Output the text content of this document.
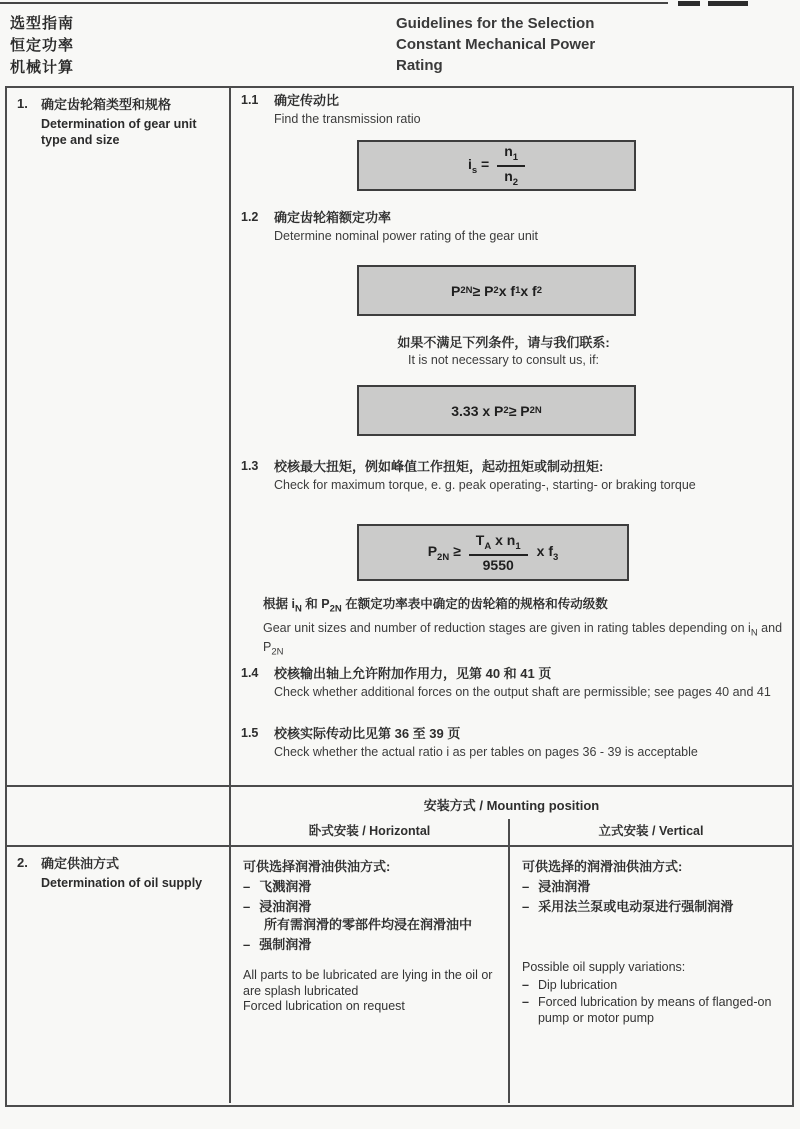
选型指南
恒定功率
机械计算
Guidelines for the Selection
Constant Mechanical Power
Rating
1.	确定齿轮箱类型和规格
Determination of gear unit type and size
1.1	确定传动比
Find the transmission ratio
$i_s = \frac{n_1}{n_2}$
1.2	确定齿轮箱额定功率
Determine nominal power rating of the gear unit
P 2N ≥ P 2 x f 1 x f 2
如果不满足下列条件，请与我们联系:
It is not necessary to consult us, if:
3.33 x P 2 ≥ P 2N
1.3	校核最大扭矩，例如峰值工作扭矩，起动扭矩或制动扭矩:
Check for maximum torque, e. g. peak operating-, starting- or braking torque
$P_{2N} \ge \frac{T_A x n_1}{9550}$ x $f_3$
根据 $i_N$ 和 $P_{2N}$ 在额定功率表中确定的齿轮箱的规格和传动级数
Gear unit sizes and number of reduction stages are given in rating tables depending on $i_N$ and $P_{2N}$
1.4	校核输出轴上允许附加作用力，见第 40 和 41 页
Check whether additional forces on the output shaft are permissible; see pages 40 and 41
1.5	校核实际传动比见第 36 至 39 页
Check whether the actual ratio i as per tables on pages 36 - 39 is acceptable
安装方式 / Mounting position
卧式安装 / Horizontal	立式安装 / Vertical
2.	确定供油方式
Determination of oil supply
可供选择润滑油供油方式:
– 飞溅润滑
– 浸油润滑
所有需润滑的零部件均浸在润滑油中
– 强制润滑
All parts to be lubricated are lying in the oil or
are splash lubricated
Forced lubrication on request
可供选择的润滑油供油方式:
– 浸油润滑
– 采用法兰泵或电动泵进行强制润滑
Possible oil supply variations:
– Dip lubrication
– Forced lubrication by means of flanged-on pump or motor pump
